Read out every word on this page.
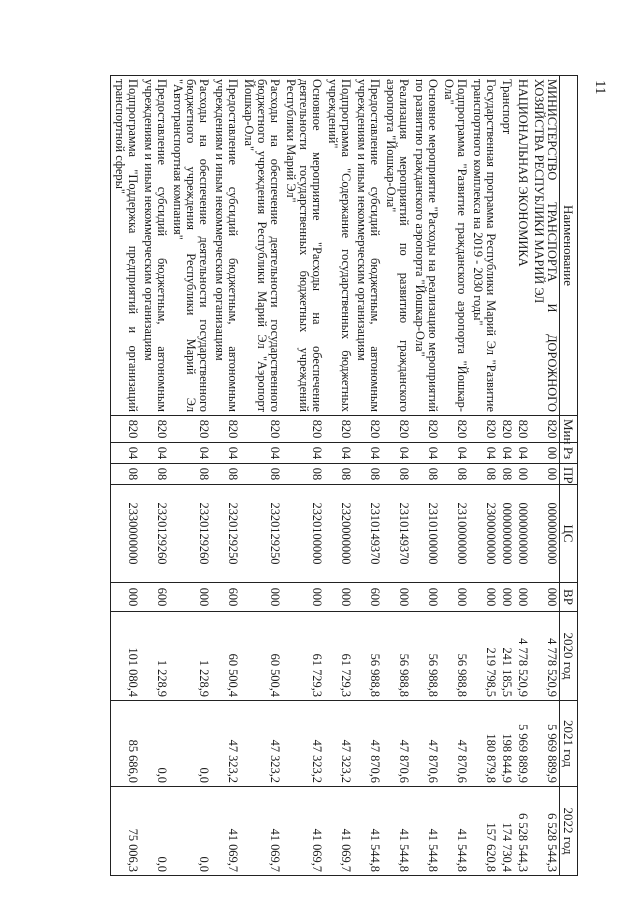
11
Наименование	Мин	Рз	ПР	ЦС	ВР	2020 год	2021 год	2022 год
МИНИСТЕРСТВО ТРАНСПОРТА И ДОРОЖНОГО ХОЗЯЙСТВА РЕСПУБЛИКИ МАРИЙ ЭЛ	820	00	00	0000000000	000	4 778 520,9	5 969 889,9	6 528 544,3
НАЦИОНАЛЬНАЯ ЭКОНОМИКА	820	04	00	0000000000	000	4 778 520,9	5 969 889,9	6 528 544,3
Транспорт	820	04	08	0000000000	000	241 185,5	198 844,9	174 730,4
Государственная программа Республики Марий Эл "Развитие транспортного комплекса на 2019 - 2030 годы"	820	04	08	2300000000	000	219 798,5	180 879,8	157 620,8
Подпрограмма "Развитие гражданского аэропорта "Йошкар-Ола"	820	04	08	2310000000	000	56 988,8	47 870,6	41 544,8
Основное мероприятие "Расходы на реализацию мероприятий по развитию гражданского аэропорта "Йошкар-Ола"	820	04	08	2310100000	000	56 988,8	47 870,6	41 544,8
Реализация мероприятий по развитию гражданского аэропорта "Йошкар-Ола"	820	04	08	2310149370	000	56 988,8	47 870,6	41 544,8
Предоставление субсидий бюджетным, автономным учреждениям и иным некоммерческим организациям	820	04	08	2310149370	600	56 988,8	47 870,6	41 544,8
Подпрограмма "Содержание государственных бюджетных учреждений"	820	04	08	2320000000	000	61 729,3	47 323,2	41 069,7
Основное мероприятие "Расходы на обеспечение деятельности государственных бюджетных учреждений Республики Марий Эл"	820	04	08	2320100000	000	61 729,3	47 323,2	41 069,7
Расходы на обеспечение деятельности государственного бюджетного учреждения Республики Марий Эл "Аэропорт Йошкар-Ола"	820	04	08	2320129250	000	60 500,4	47 323,2	41 069,7
Предоставление субсидий бюджетным, автономным учреждениям и иным некоммерческим организациям	820	04	08	2320129250	600	60 500,4	47 323,2	41 069,7
Расходы на обеспечение деятельности государственного бюджетного учреждения Республики Марий Эл "Автотранспортная компания"	820	04	08	2320129260	000	1 228,9	0,0	0,0
Предоставление субсидий бюджетным, автономным учреждениям и иным некоммерческим организациям	820	04	08	2320129260	600	1 228,9	0,0	0,0
Подпрограмма "Поддержка предприятий и организаций транспортной сферы"	820	04	08	2330000000	000	101 080,4	85 686,0	75 006,3
